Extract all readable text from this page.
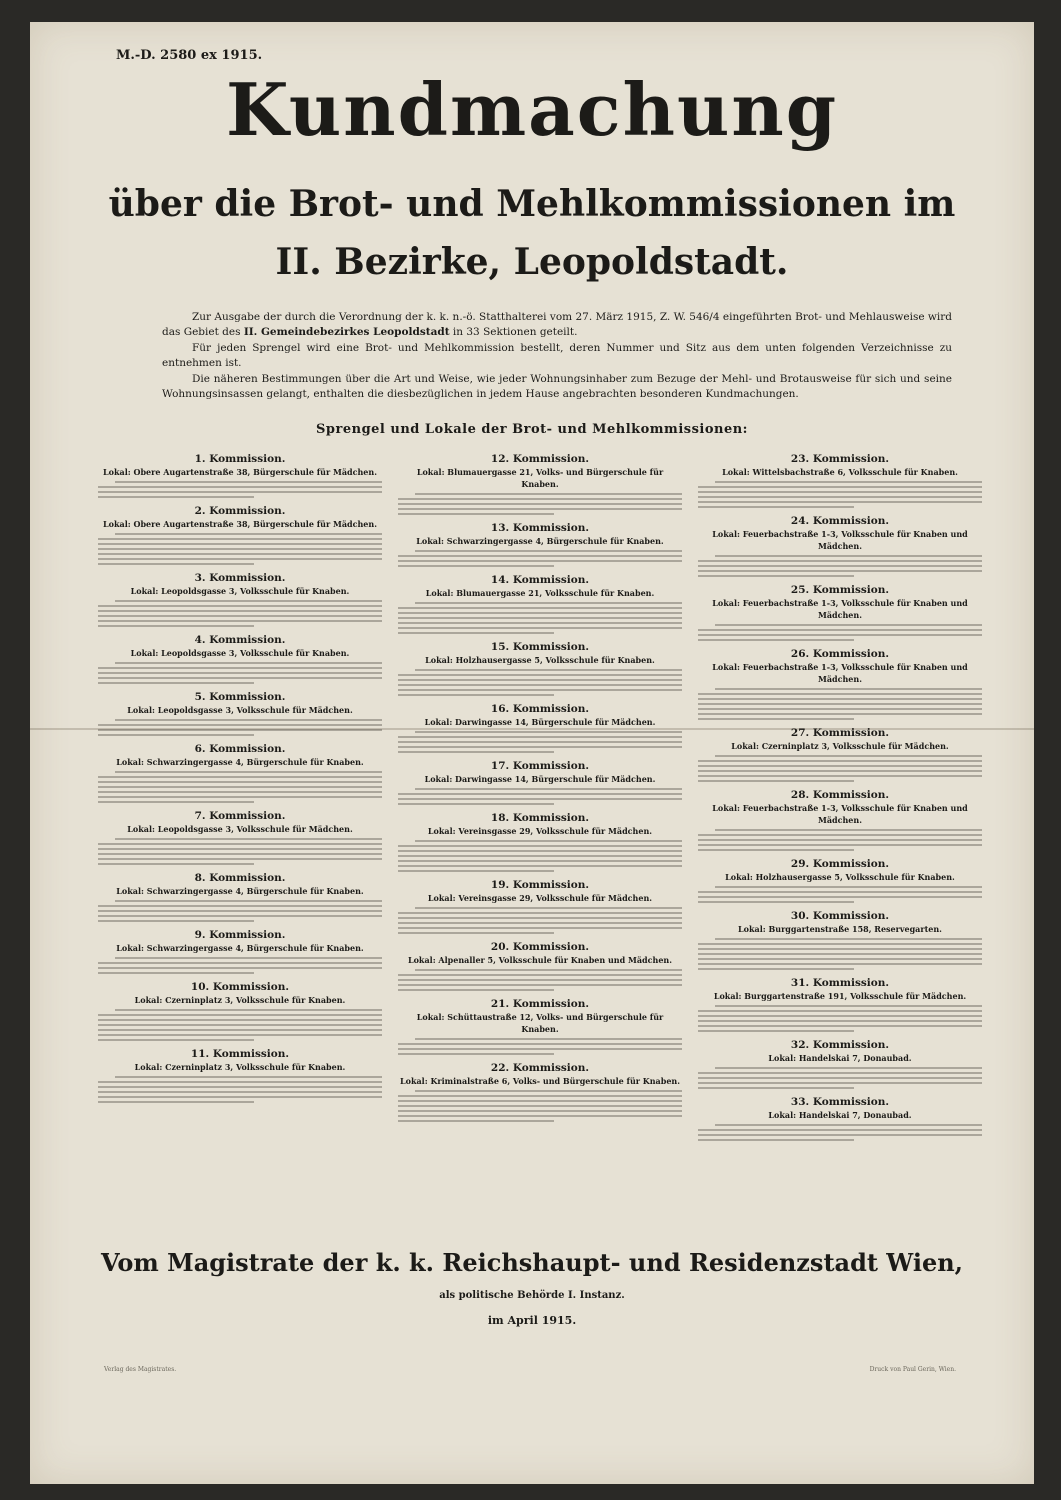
M.-D. 2580 ex 1915.
Kundmachung
über die Brot- und Mehlkommissionen im
II. Bezirke, Leopoldstadt.

Zur Ausgabe der durch die Verordnung der k. k. n.-ö. Statthalterei vom 27. März 1915, Z. W. 546/4 eingeführten Brot- und Mehlausweise wird das Gebiet des II. Gemeindebezirkes Leopoldstadt in 33 Sektionen geteilt.

Für jeden Sprengel wird eine Brot- und Mehlkommission bestellt, deren Nummer und Sitz aus dem unten folgenden Verzeichnisse zu entnehmen ist.

Die näheren Bestimmungen über die Art und Weise, wie jeder Wohnungsinhaber zum Bezuge der Mehl- und Brotausweise für sich und seine Wohnungsinsassen gelangt, enthalten die diesbezüglichen in jedem Hause angebrachten besonderen Kundmachungen.

Sprengel und Lokale der Brot- und Mehlkommissionen:
1. Kommission.
Lokal: Obere Augartenstraße 38, Bürgerschule für Mädchen.
2. Kommission.
Lokal: Obere Augartenstraße 38, Bürgerschule für Mädchen.
3. Kommission.
Lokal: Leopoldsgasse 3, Volksschule für Knaben.
4. Kommission.
Lokal: Leopoldsgasse 3, Volksschule für Knaben.
5. Kommission.
Lokal: Leopoldsgasse 3, Volksschule für Mädchen.
6. Kommission.
Lokal: Schwarzingergasse 4, Bürgerschule für Knaben.
7. Kommission.
Lokal: Leopoldsgasse 3, Volksschule für Mädchen.
8. Kommission.
Lokal: Schwarzingergasse 4, Bürgerschule für Knaben.
9. Kommission.
Lokal: Schwarzingergasse 4, Bürgerschule für Knaben.
10. Kommission.
Lokal: Czerninplatz 3, Volksschule für Knaben.
11. Kommission.
Lokal: Czerninplatz 3, Volksschule für Knaben.
12. Kommission.
Lokal: Blumauergasse 21, Volks- und Bürgerschule für Knaben.
13. Kommission.
Lokal: Schwarzingergasse 4, Bürgerschule für Knaben.
14. Kommission.
Lokal: Blumauergasse 21, Volksschule für Knaben.
15. Kommission.
Lokal: Holzhausergasse 5, Volksschule für Knaben.
16. Kommission.
Lokal: Darwingasse 14, Bürgerschule für Mädchen.
17. Kommission.
Lokal: Darwingasse 14, Bürgerschule für Mädchen.
18. Kommission.
Lokal: Vereinsgasse 29, Volksschule für Mädchen.
19. Kommission.
Lokal: Vereinsgasse 29, Volksschule für Mädchen.
20. Kommission.
Lokal: Alpenaller 5, Volksschule für Knaben und Mädchen.
21. Kommission.
Lokal: Schüttaustraße 12, Volks- und Bürgerschule für Knaben.
22. Kommission.
Lokal: Kriminalstraße 6, Volks- und Bürgerschule für Knaben.
23. Kommission.
Lokal: Wittelsbachstraße 6, Volksschule für Knaben.
24. Kommission.
Lokal: Feuerbachstraße 1-3, Volksschule für Knaben und Mädchen.
25. Kommission.
Lokal: Feuerbachstraße 1-3, Volksschule für Knaben und Mädchen.
26. Kommission.
Lokal: Feuerbachstraße 1-3, Volksschule für Knaben und Mädchen.
27. Kommission.
Lokal: Czerninplatz 3, Volksschule für Mädchen.
28. Kommission.
Lokal: Feuerbachstraße 1-3, Volksschule für Knaben und Mädchen.
29. Kommission.
Lokal: Holzhausergasse 5, Volksschule für Knaben.
30. Kommission.
Lokal: Burggartenstraße 158, Reservegarten.
31. Kommission.
Lokal: Burggartenstraße 191, Volksschule für Mädchen.
32. Kommission.
Lokal: Handelskai 7, Donaubad.
33. Kommission.
Lokal: Handelskai 7, Donaubad.
Vom Magistrate der k. k. Reichshaupt- und Residenzstadt Wien,
als politische Behörde I. Instanz.
im April 1915.
Verlag des Magistrates.	Druck von Paul Gerin, Wien.
